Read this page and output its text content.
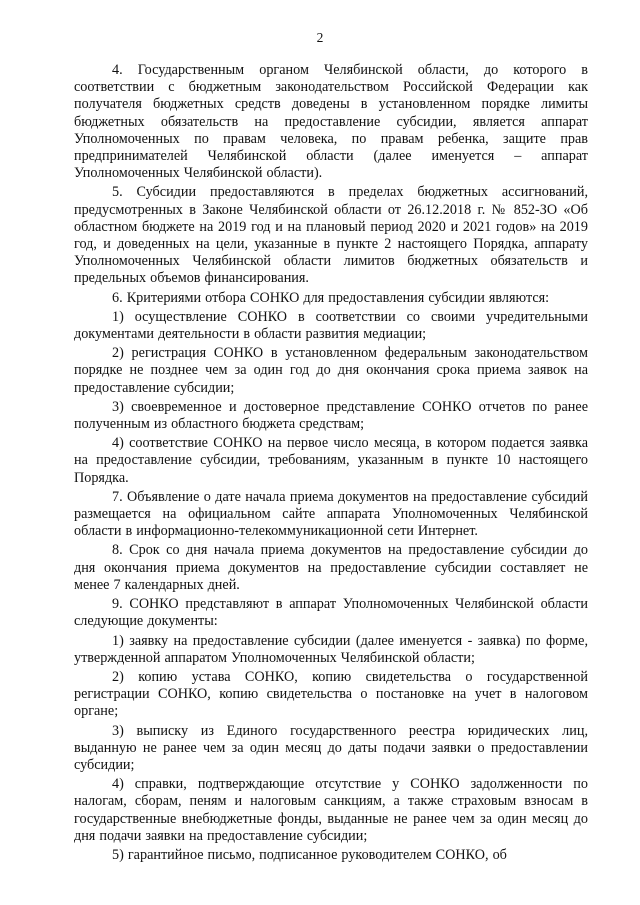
2

4. Государственным органом Челябинской области, до которого в соответствии с бюджетным законодательством Российской Федерации как получателя бюджетных средств доведены в установленном порядке лимиты бюджетных обязательств на предоставление субсидии, является аппарат Уполномоченных по правам человека, по правам ребенка, защите прав предпринимателей Челябинской области (далее именуется – аппарат Уполномоченных Челябинской области).

5. Субсидии предоставляются в пределах бюджетных ассигнований, предусмотренных в Законе Челябинской области от 26.12.2018 г. № 852-ЗО «Об областном бюджете на 2019 год и на плановый период 2020 и 2021 годов» на 2019 год, и доведенных на цели, указанные в пункте 2 настоящего Порядка, аппарату Уполномоченных Челябинской области лимитов бюджетных обязательств и предельных объемов финансирования.

6. Критериями отбора СОНКО для предоставления субсидии являются:

1) осуществление СОНКО в соответствии со своими учредительными документами деятельности в области развития медиации;

2) регистрация СОНКО в установленном федеральным законодательством порядке не позднее чем за один год до дня окончания срока приема заявок на предоставление субсидии;

3) своевременное и достоверное представление СОНКО отчетов по ранее полученным из областного бюджета средствам;

4) соответствие СОНКО на первое число месяца, в котором подается заявка на предоставление субсидии, требованиям, указанным в пункте 10 настоящего Порядка.

7. Объявление о дате начала приема документов на предоставление субсидий размещается на официальном сайте аппарата Уполномоченных Челябинской области в информационно-телекоммуникационной сети Интернет.

8. Срок со дня начала приема документов на предоставление субсидии до дня окончания приема документов на предоставление субсидии составляет не менее 7 календарных дней.

9. СОНКО представляют в аппарат Уполномоченных Челябинской области следующие документы:

1) заявку на предоставление субсидии (далее именуется - заявка) по форме, утвержденной аппаратом Уполномоченных Челябинской области;

2) копию устава СОНКО, копию свидетельства о государственной регистрации СОНКО, копию свидетельства о постановке на учет в налоговом органе;

3) выписку из Единого государственного реестра юридических лиц, выданную не ранее чем за один месяц до даты подачи заявки о предоставлении субсидии;

4) справки, подтверждающие отсутствие у СОНКО задолженности по налогам, сборам, пеням и налоговым санкциям, а также страховым взносам в государственные внебюджетные фонды, выданные не ранее чем за один месяц до дня подачи заявки на предоставление субсидии;

5) гарантийное письмо, подписанное руководителем СОНКО, об
